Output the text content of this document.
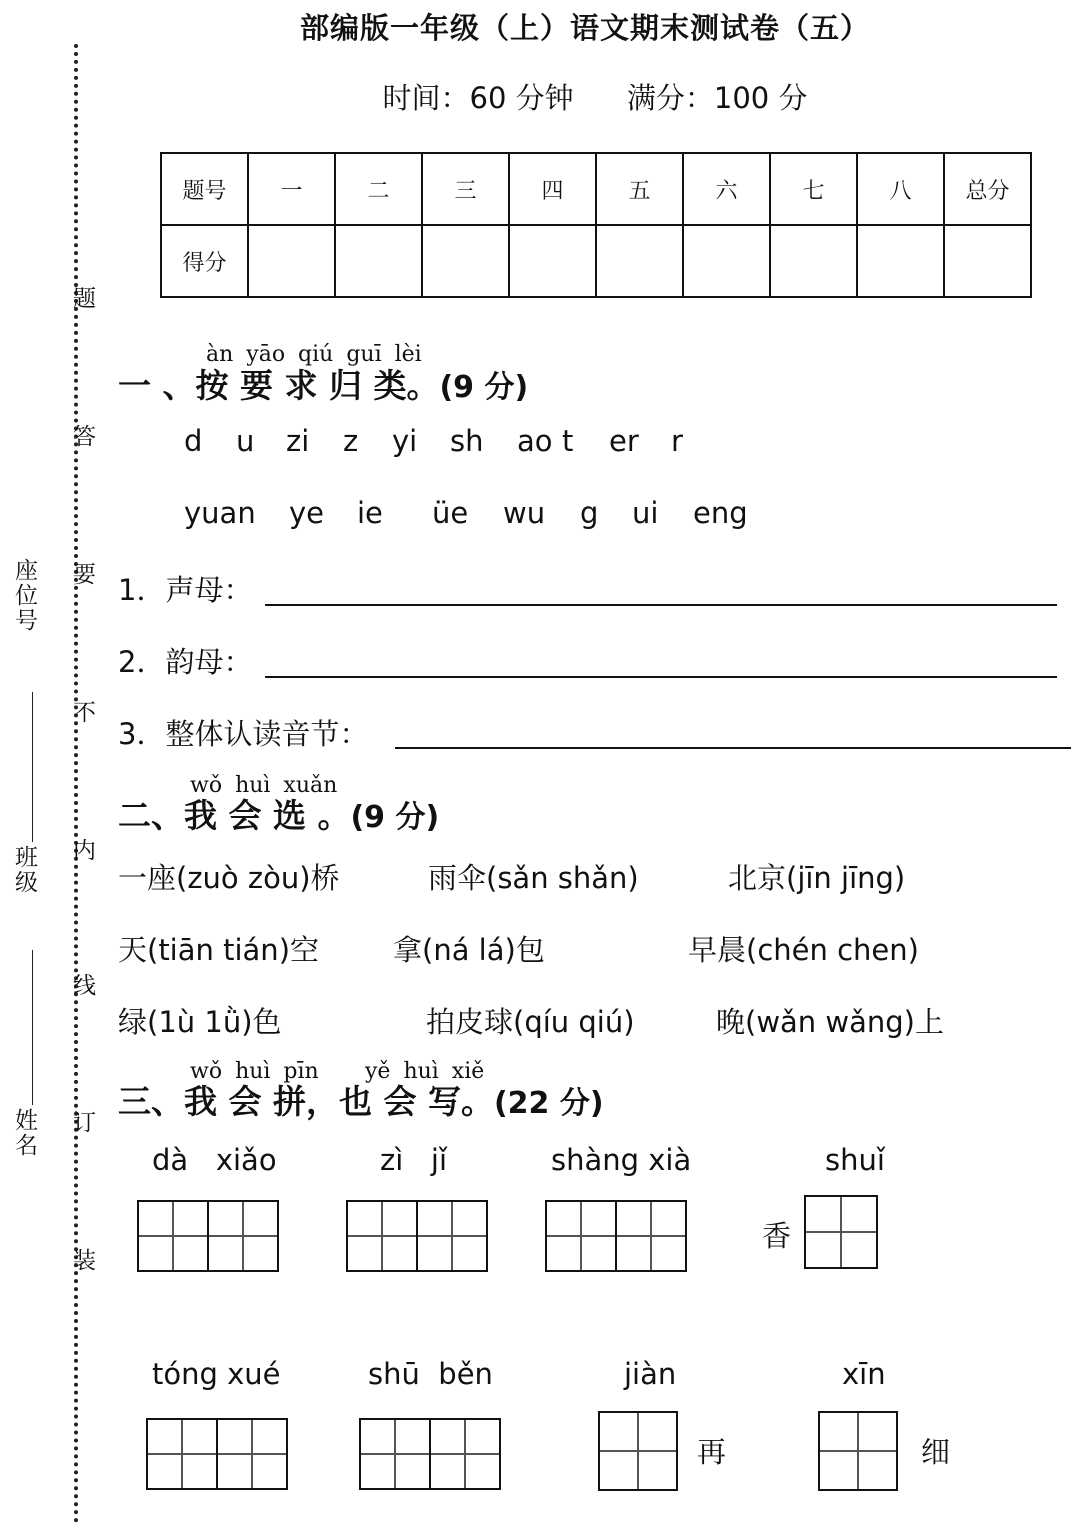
部编版一年级（上）语文期末测试卷（五）
时间：60 分钟 满分：100 分
题号	一	二	三	四	五	六	七	八	总分
得分									
装
订
线
内
不
要
答
题
姓名
班级
座位号
àn yāo qiú guī lèi
一 、按 要 求 归 类。(9 分)
d u zi z yi sh ao t er r
yuan ye ie üe wu g ui eng
1．声母：
2．韵母：
3．整体认读音节：
wǒ huì xuǎn
二、我 会 选 。(9 分)
一座(zuò zòu)桥	雨伞(sǎn shǎn)	北京(jīn jīng)
天(tiān tián)空	拿(ná lá)包	早晨(chén chen)
绿(1ù 1ǜ)色	拍皮球(qíu qiú)	晚(wǎn wǎng)上
wǒ huì pīn yě huì xiě
三、我 会 拼，也 会 写。(22 分)
dà   xiǎo	zì   jǐ	shàng xià	shuǐ
香
tóng xué	shū  běn	jiàn	xīn
再	细
